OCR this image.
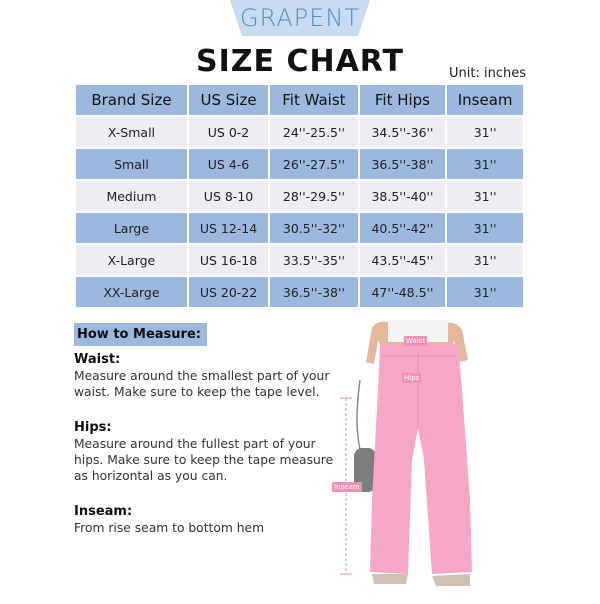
GRAPENT
SIZE CHART	Unit: inches
Brand Size	US Size	Fit Waist	Fit Hips	Inseam
X-Small	US 0-2	24''-25.5''	34.5''-36''	31''
Small	US 4-6	26''-27.5''	36.5''-38''	31''
Medium	US 8-10	28''-29.5''	38.5''-40''	31''
Large	US 12-14	30.5''-32''	40.5''-42''	31''
X-Large	US 16-18	33.5''-35''	43.5''-45''	31''
XX-Large	US 20-22	36.5''-38''	47''-48.5''	31''
How to Measure:
Waist:
Measure around the smallest part of your waist. Make sure to keep the tape level.
Hips:
Measure around the fullest part of your hips. Make sure to keep the tape measure as horizontal as you can.
Inseam:
From rise seam to bottom hem
Waist
Hips
Inseam
